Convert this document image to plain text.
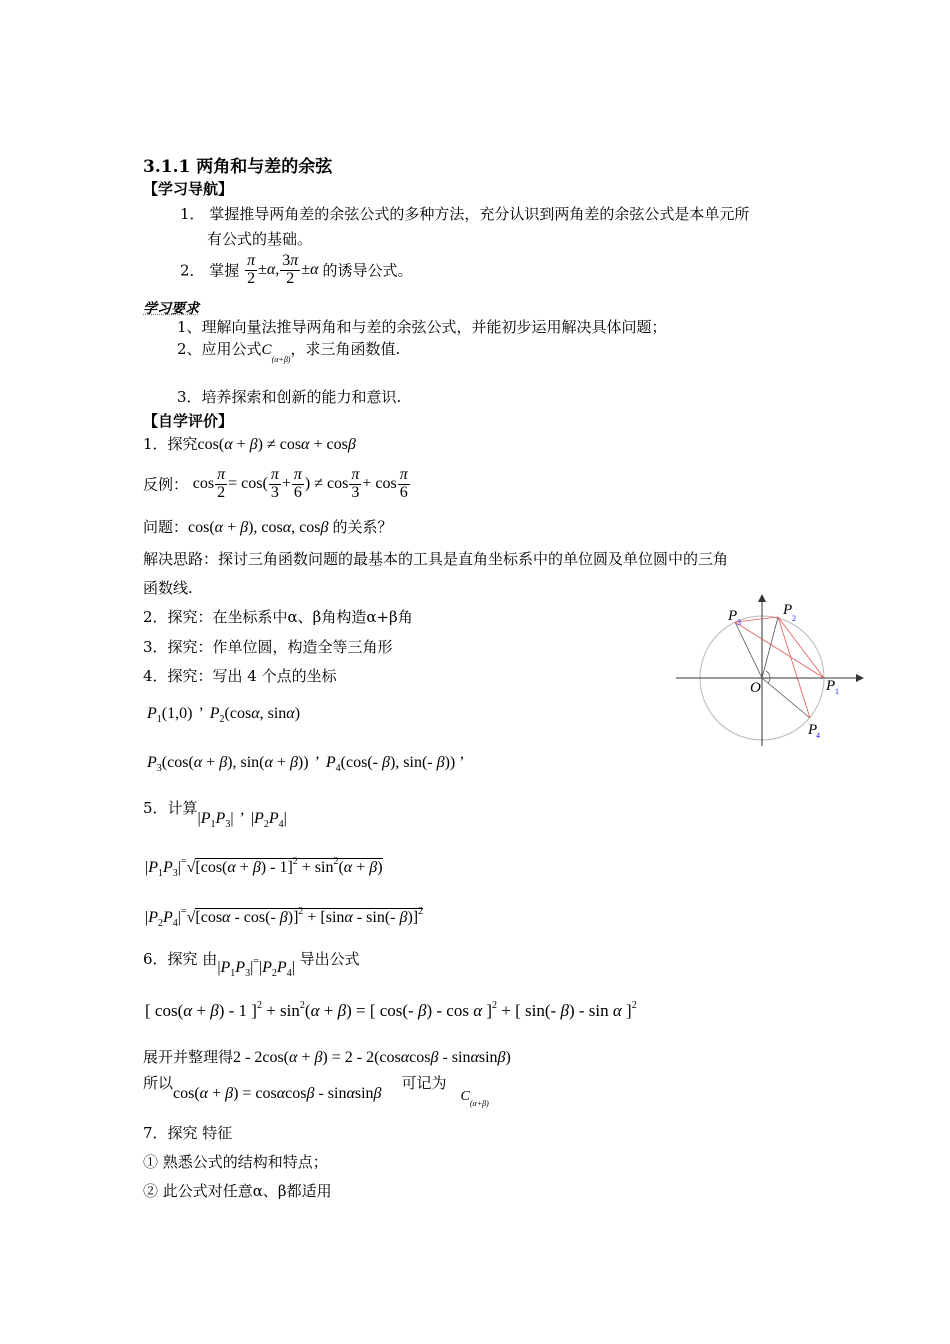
3.1.1 两角和与差的余弦
【学习导航】
1． 掌握推导两角差的余弦公式的多种方法，充分认识到两角差的余弦公式是本单元所
有公式的基础。
2． 掌握 $\frac{\pi}{2} \pm\alpha$, $\frac{3\pi}{2} \pm\alpha$ 的诱导公式。
学习要求
1、理解向量法推导两角和与差的余弦公式，并能初步运用解决具体问题；
2、应用公式$C_{(\alpha+\beta)}$，求三角函数值.
3．培养探索和创新的能力和意识.
【自学评价】
1．探究cos(α + β) ≠ cosα + cosβ
反例： $\cos \frac{\pi}{2} = \cos( \frac{\pi}{3} + \frac{\pi}{6}$ ) ≠ $\cos \frac{\pi}{3} + \cos \frac{\pi}{6}$
问题：cos(α + β), cosα, cosβ 的关系？
解决思路：探讨三角函数问题的最基本的工具是直角坐标系中的单位圆及单位圆中的三角
函数线.
2．探究：在坐标系中α、β角构造α+β角
3．探究：作单位圆，构造全等三角形
4．探究：写出 4 个点的坐标
$P_1(1,0)$ ’ $P_2(\cos\alpha$, sinα)
$P_3(\cos(\alpha + \beta)$, sin(α + β)) ’ $P_4(\cos(-$ β), sin(- β)) ’
5．计算$|P_1P_3|$ ’ $|P_2P_4|$
$|P_1P_3|^=√[\cos(\alpha + \beta) - 1]^2 + \sin^2(\alpha + \beta)$
$|P_2P_4|^=√[\cos\alpha - \cos(-$ β)]$^2$ + [sinα - sin(- β)]$^2$
6．探究 由$|P_1P_3|^=|P_2P_4|$ 导出公式
[ cos(α + β) - 1 ]$^2 + \sin^2(\alpha + \beta)$ = [ cos(- β) - cos α ]$^2$ + [ sin(- β) - sin α ]$^2$
展开并整理得2 - 2cos(α + β) = 2 - 2(cosαcosβ - sinαsinβ)
所以cos(α + β) = cosαcosβ - sinαsinβ可记为$C_{(\alpha+\beta)}$
7．探究 特征
① 熟悉公式的结构和特点；
② 此公式对任意α、β都适用
P 3
P
2
O	P 1
P
4
